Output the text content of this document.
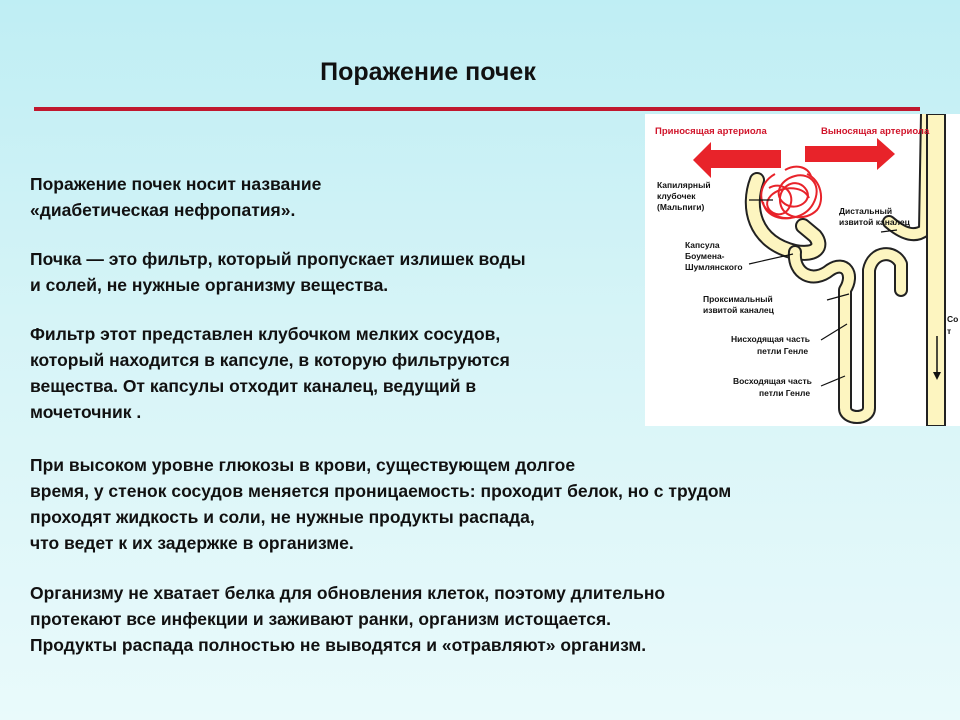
Поражение почек
Поражение почек носит название
«диабетическая нефропатия».
Почка — это фильтр, который пропускает излишек воды
и солей, не нужные организму вещества.
Фильтр этот представлен клубочком мелких сосудов,
который находится в капсуле, в которую фильтруются
вещества. От капсулы отходит каналец, ведущий в
мочеточник .
При высоком уровне глюкозы в крови, существующем долгое
время, у стенок сосудов меняется проницаемость: проходит белок, но с трудом
проходят жидкость и соли, не нужные продукты распада,
что ведет к их задержке в организме.
Организму не хватает белка для обновления клеток, поэтому длительно
протекают все инфекции и заживают ранки, организм истощается.
Продукты распада полностью не выводятся и «отравляют» организм.
Приносящая артериола	Выносящая артериола
Капилярный
клубочек
(Мальпиги)
Капсула
Боумена-
Шумлянского
Дистальный
извитой каналец
Проксимальный
извитой каналец
Нисходящая часть
петли Генле
Восходящая часть
петли Генле
Со
т
